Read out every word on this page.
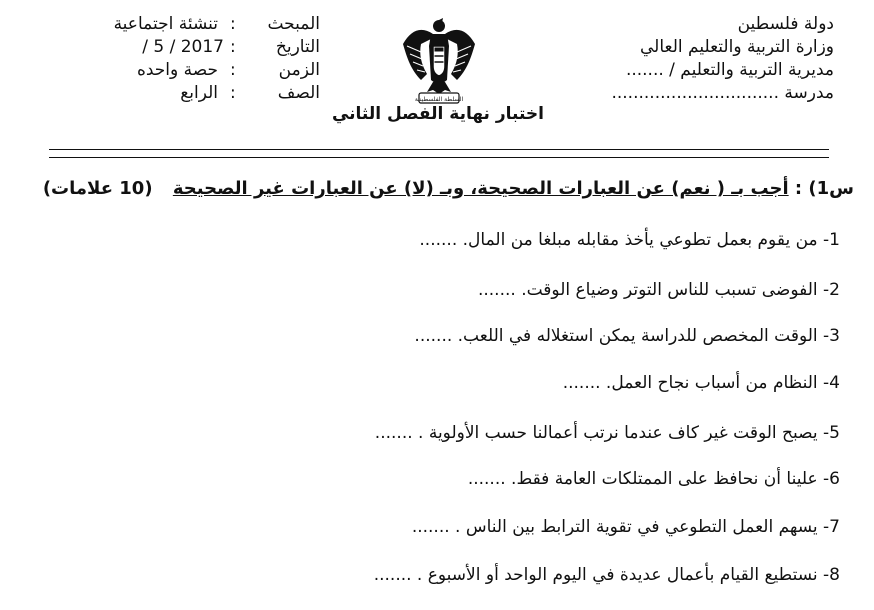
دولة فلسطين
وزارة التربية والتعليم العالي
مديرية التربية والتعليم / .......
مدرسة ...............................
المبحث
:
تنشئة اجتماعية
التاريخ
:
/ 5 / 2017
الزمن
:
حصة واحده
الصف
:
الرابع	السلطة الفلسطينية
اختبار نهاية الفصل الثاني
س1) : أجب بـ ( نعم) عن العبارات الصحيحة، وبـ (لا) عن العبارات غير الصحيحة (10 علامات)
1- من يقوم بعمل تطوعي يأخذ مقابله مبلغا من المال. .......
2- الفوضى تسبب للناس التوتر وضياع الوقت. .......
3- الوقت المخصص للدراسة يمكن استغلاله في اللعب. .......
4- النظام من أسباب نجاح العمل. .......
5- يصبح الوقت غير كاف عندما نرتب أعمالنا حسب الأولوية . .......
6- علينا أن نحافظ على الممتلكات العامة فقط. .......
7- يسهم العمل التطوعي في تقوية الترابط بين الناس . .......
8- نستطيع القيام بأعمال عديدة في اليوم الواحد أو الأسبوع . .......
